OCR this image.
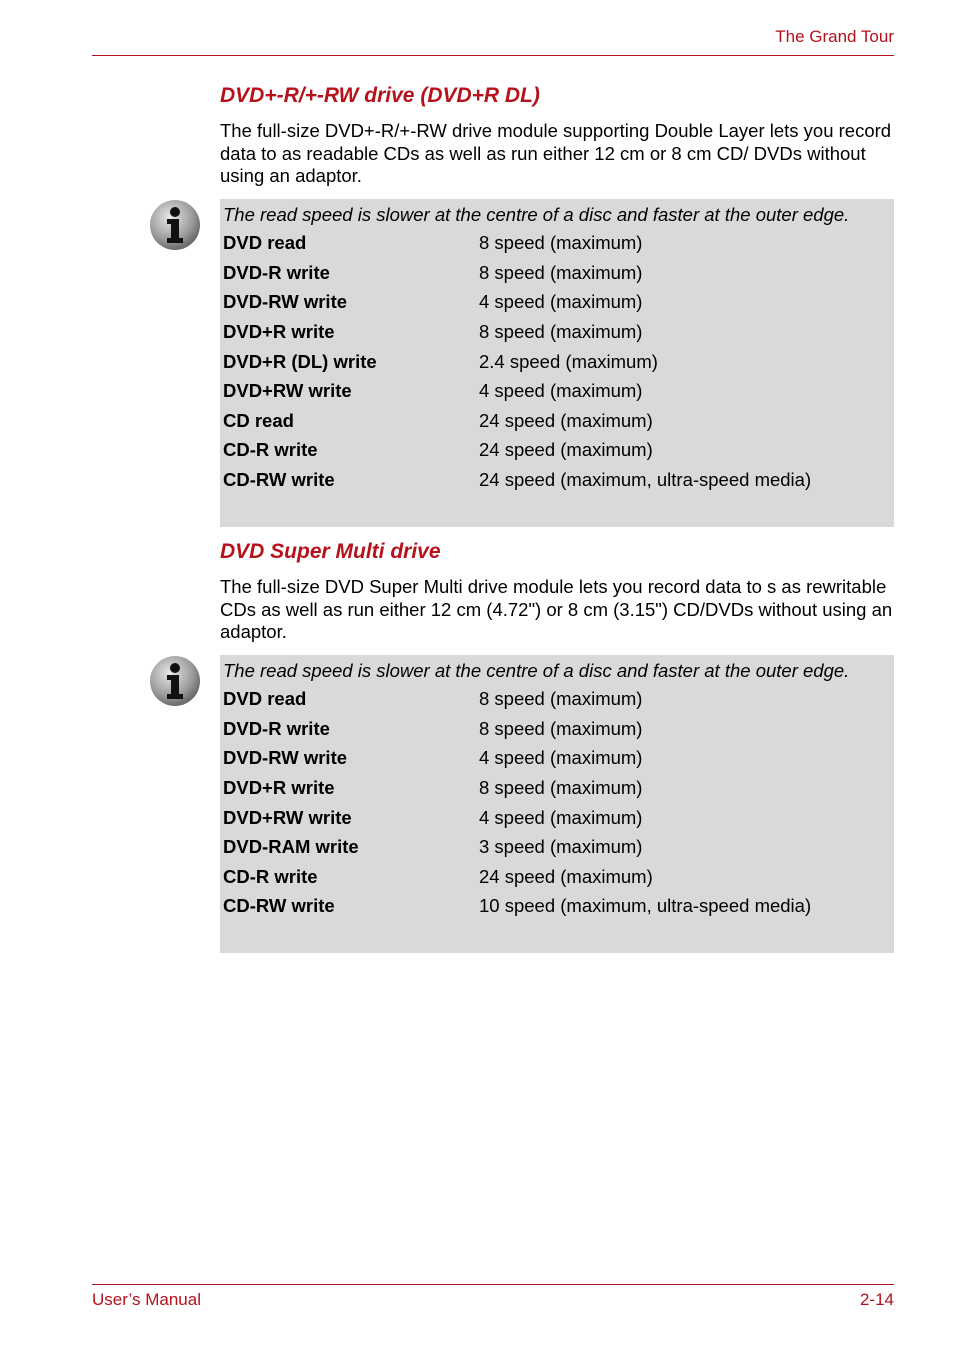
The Grand Tour
DVD+-R/+-RW drive (DVD+R DL)
The full-size DVD+-R/+-RW drive module supporting Double Layer lets you record data to as readable CDs as well as run either 12 cm or 8 cm CD/ DVDs without using an adaptor.
The read speed is slower at the centre of a disc and faster at the outer edge.
DVD read	8 speed (maximum)
DVD-R write	8 speed (maximum)
DVD-RW write	4 speed (maximum)
DVD+R write	8 speed (maximum)
DVD+R (DL) write	2.4 speed (maximum)
DVD+RW write	4 speed (maximum)
CD read	24 speed (maximum)
CD-R write	24 speed (maximum)
CD-RW write	24 speed (maximum, ultra-speed media)
DVD Super Multi drive
The full-size DVD Super Multi drive module lets you record data to s as rewritable CDs as well as run either 12 cm (4.72") or 8 cm (3.15") CD/DVDs without using an adaptor.
The read speed is slower at the centre of a disc and faster at the outer edge.
DVD read	8 speed (maximum)
DVD-R write	8 speed (maximum)
DVD-RW write	4 speed (maximum)
DVD+R write	8 speed (maximum)
DVD+RW write	4 speed (maximum)
DVD-RAM write	3 speed (maximum)
CD-R write	24 speed (maximum)
CD-RW write	10 speed (maximum, ultra-speed media)
User’s Manual	2-14
